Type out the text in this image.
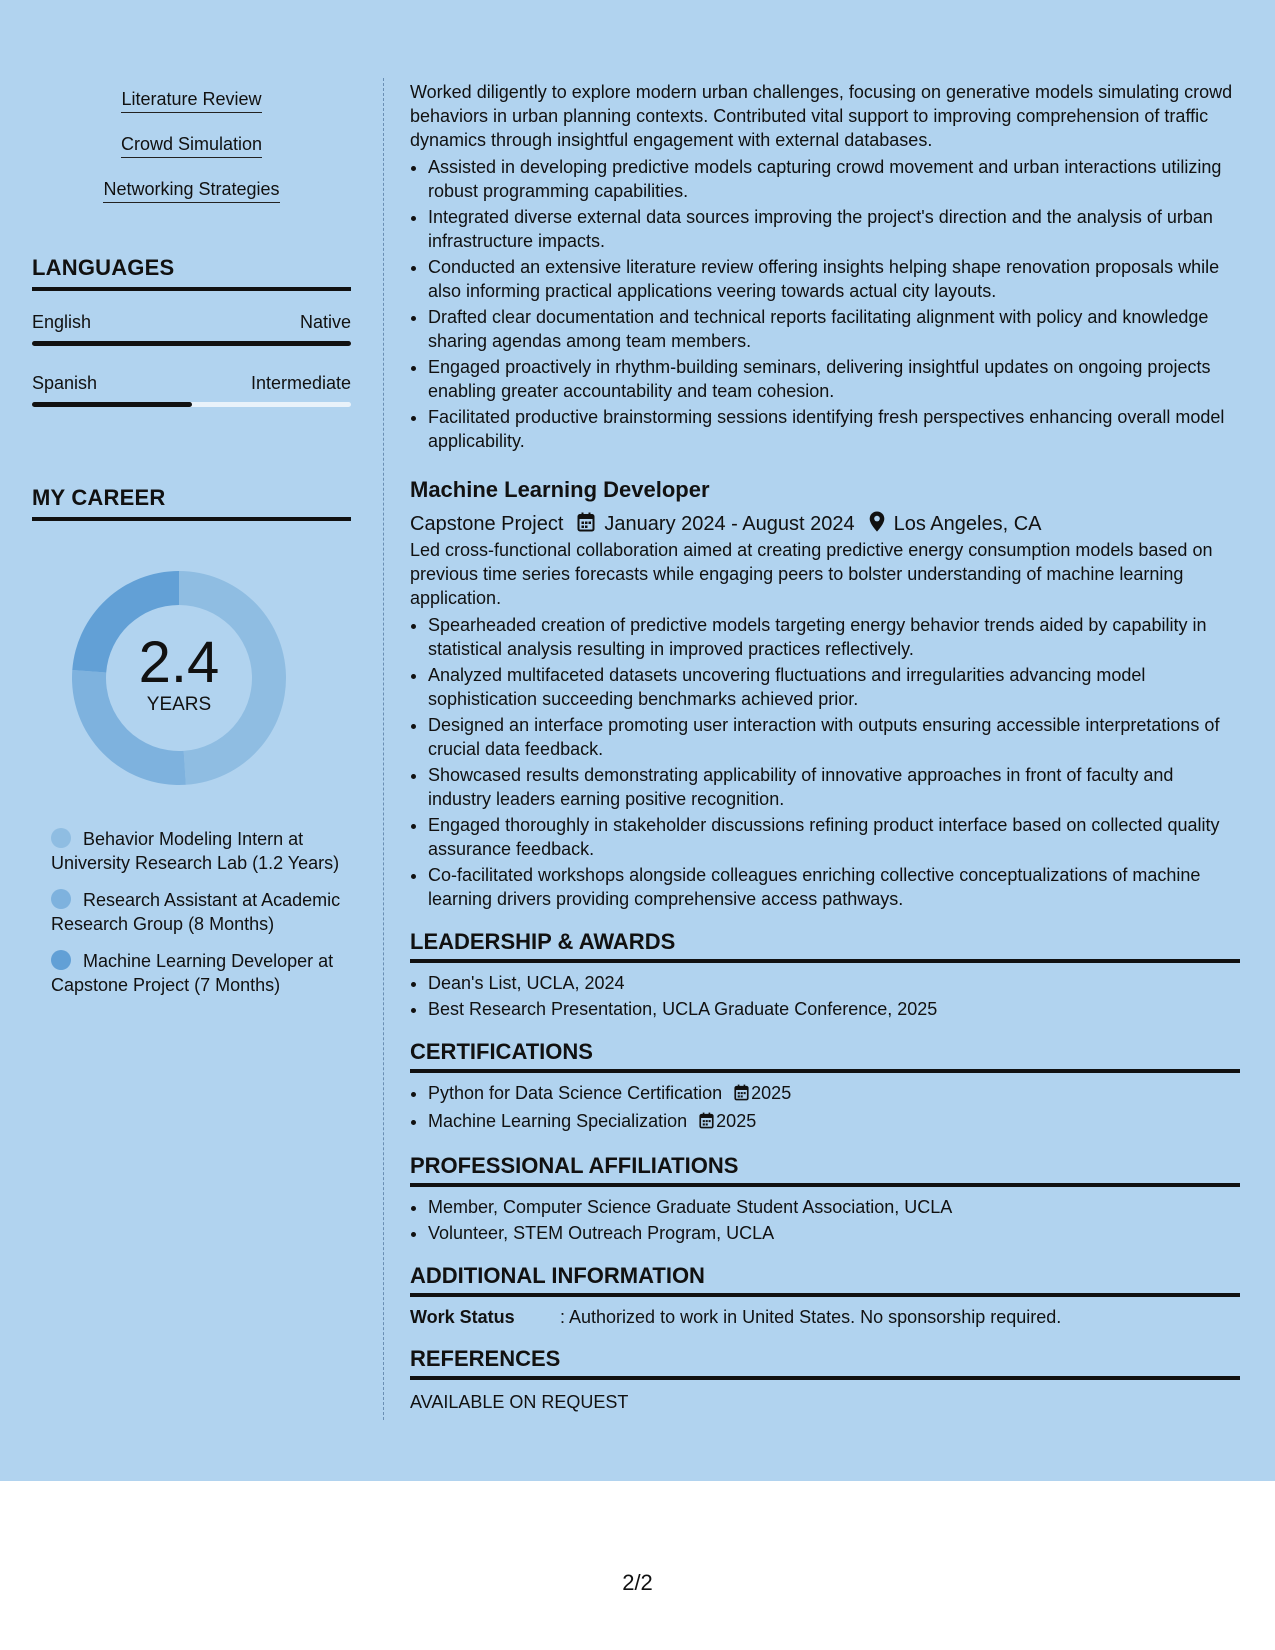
Literature Review
Crowd Simulation
Networking Strategies
LANGUAGES
English	Native
Spanish	Intermediate
MY CAREER
2.4
YEARS
Behavior Modeling Intern at University Research Lab (1.2 Years)
Research Assistant at Academic Research Group (8 Months)
Machine Learning Developer at Capstone Project (7 Months)

Worked diligently to explore modern urban challenges, focusing on generative models simulating crowd behaviors in urban planning contexts. Contributed vital support to improving comprehension of traffic dynamics through insightful engagement with external databases.

• Assisted in developing predictive models capturing crowd movement and urban interactions utilizing robust programming capabilities.
• Integrated diverse external data sources improving the project's direction and the analysis of urban infrastructure impacts.
• Conducted an extensive literature review offering insights helping shape renovation proposals while also informing practical applications veering towards actual city layouts.
• Drafted clear documentation and technical reports facilitating alignment with policy and knowledge sharing agendas among team members.
• Engaged proactively in rhythm-building seminars, delivering insightful updates on ongoing projects enabling greater accountability and team cohesion.
• Facilitated productive brainstorming sessions identifying fresh perspectives enhancing overall model applicability.
Machine Learning Developer
Capstone Project January 2024 - August 2024 Los Angeles, CA

Led cross-functional collaboration aimed at creating predictive energy consumption models based on previous time series forecasts while engaging peers to bolster understanding of machine learning application.

• Spearheaded creation of predictive models targeting energy behavior trends aided by capability in statistical analysis resulting in improved practices reflectively.
• Analyzed multifaceted datasets uncovering fluctuations and irregularities advancing model sophistication succeeding benchmarks achieved prior.
• Designed an interface promoting user interaction with outputs ensuring accessible interpretations of crucial data feedback.
• Showcased results demonstrating applicability of innovative approaches in front of faculty and industry leaders earning positive recognition.
• Engaged thoroughly in stakeholder discussions refining product interface based on collected quality assurance feedback.
• Co-facilitated workshops alongside colleagues enriching collective conceptualizations of machine learning drivers providing comprehensive access pathways.
LEADERSHIP & AWARDS
• Dean's List, UCLA, 2024
• Best Research Presentation, UCLA Graduate Conference, 2025
CERTIFICATIONS
• Python for Data Science Certification 2025
• Machine Learning Specialization 2025
PROFESSIONAL AFFILIATIONS
• Member, Computer Science Graduate Student Association, UCLA
• Volunteer, STEM Outreach Program, UCLA
ADDITIONAL INFORMATION
Work Status	: Authorized to work in United States. No sponsorship required.
REFERENCES
AVAILABLE ON REQUEST
2/2
